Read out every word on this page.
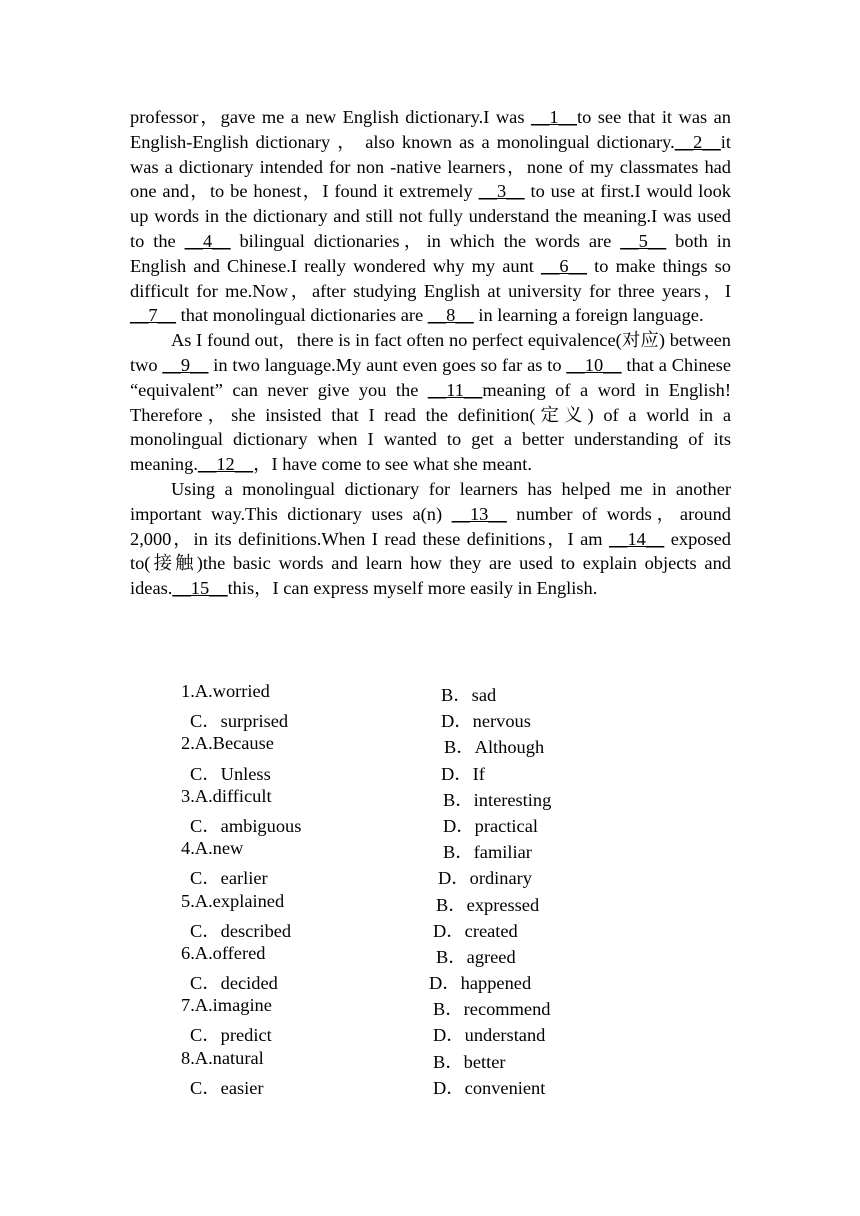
professor，gave me a new English dictionary.I was __1__to see that it was an English-English dictionary ， also known as a monolingual dictionary.__2__it was a dictionary intended for non -native learners，none of my classmates had one and，to be honest，I found it extremely __3__ to use at first.I would look up words in the dictionary and still not fully understand the meaning.I was used to the __4__ bilingual dictionaries，in which the words are __5__ both in English and Chinese.I really wondered why my aunt __6__ to make things so difficult for me.Now，after studying English at university for three years，I __7__ that monolingual dictionaries are __8__ in learning a foreign language.

As I found out，there is in fact often no perfect equivalence(对应) between two __9__ in two language.My aunt even goes so far as to __10__ that a Chinese “equivalent” can never give you the __11__meaning of a word in English! Therefore，she insisted that I read the definition(定义) of a world in a monolingual dictionary when I wanted to get a better understanding of its meaning.__12__，I have come to see what she meant.

Using a monolingual dictionary for learners has helped me in another important way.This dictionary uses a(n) __13__ number of words，around 2,000，in its definitions.When I read these definitions，I am __14__ exposed to(接触)the basic words and learn how they are used to explain objects and ideas.__15__this，I can express myself more easily in English.

1.A.worried	B．sad
C．surprised	D．nervous
2.A.Because	B．Although
C．Unless	D．If
3.A.difficult	B．interesting
C．ambiguous	D．practical
4.A.new	B．familiar
C．earlier	D．ordinary
5.A.explained	B．expressed
C．described	D．created
6.A.offered	B．agreed
C．decided	D．happened
7.A.imagine	B．recommend
C．predict	D．understand
8.A.natural	B．better
C．easier	D．convenient
